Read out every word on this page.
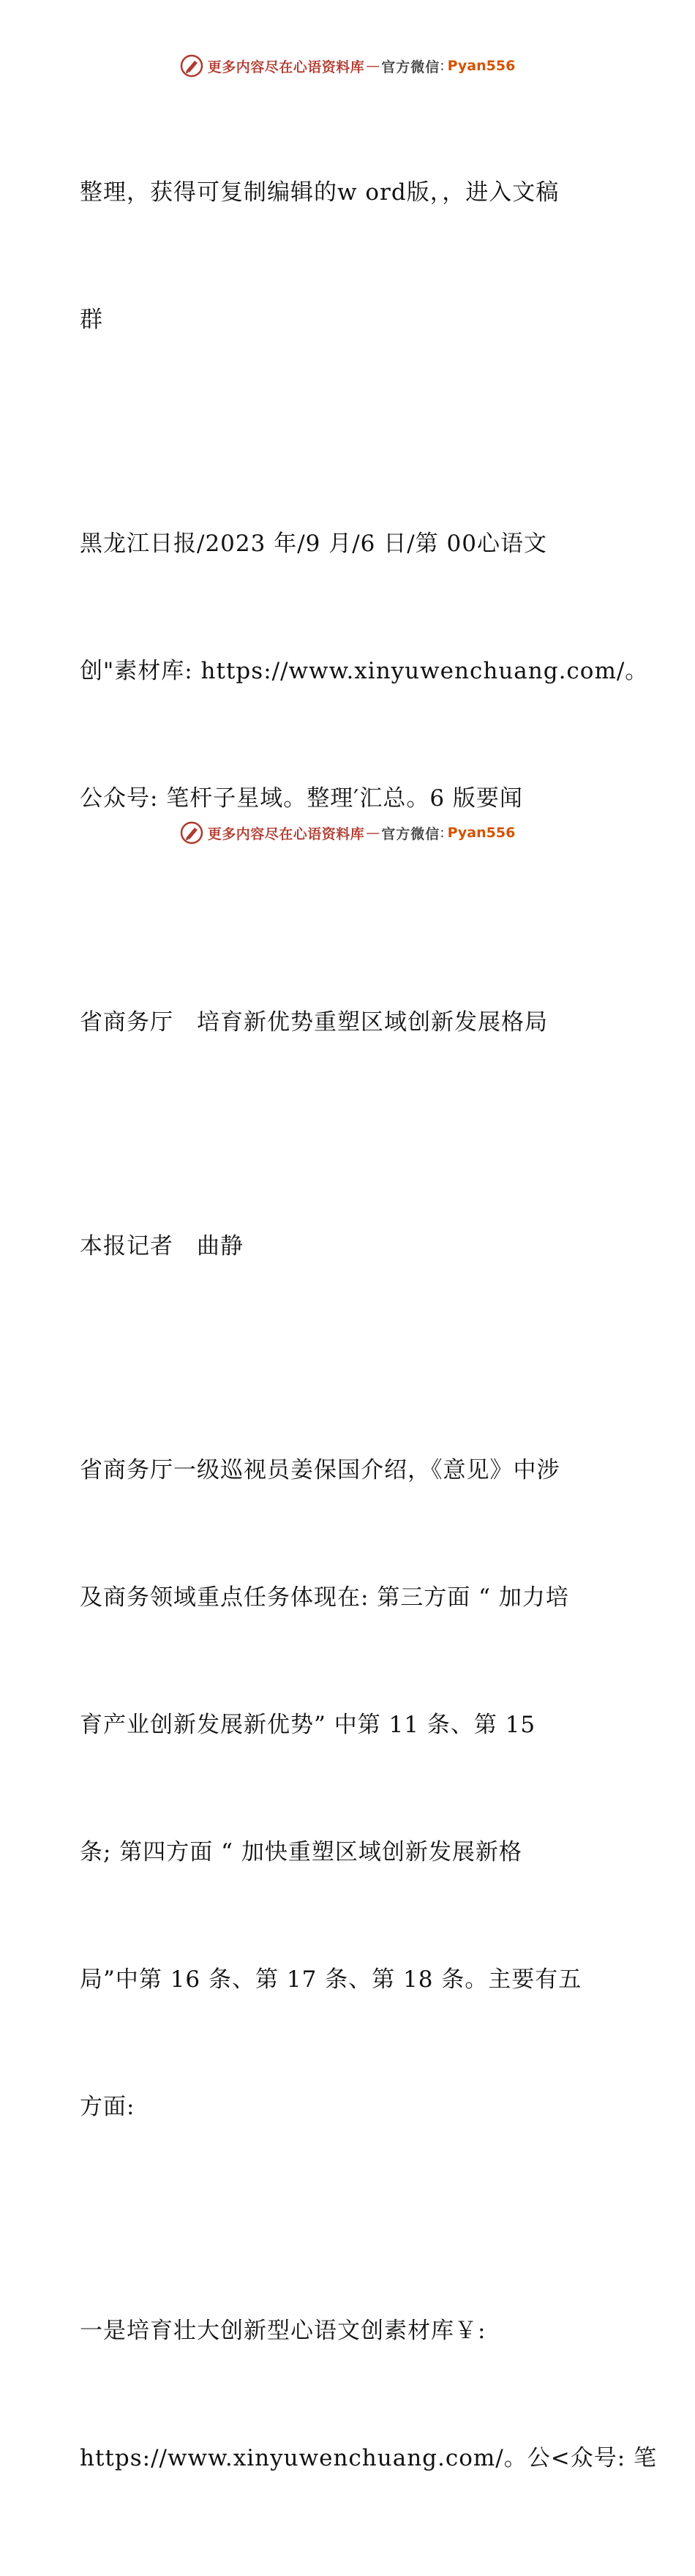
更多内容尽在心语资料库 — 官方微信 : Pyan556

整理，获得可复制编辑的w ord版，，进入文稿

群

黑龙江日报/2023 年/9 月/6 日/第 00心语文

创"素材库: https://www.xinyuwenchuang.com/。

公众号: 笔杆子星域。整理′汇总。6 版要闻

省商务厅　培育新优势重塑区域创新发展格局

本报记者　曲静

省商务厅一级巡视员姜保国介绍，《意见》中涉

及商务领域重点任务体现在: 第三方面 “ 加力培

育产业创新发展新优势” 中第 11 条、第 15

条; 第四方面 “ 加快重塑区域创新发展新格

局”中第 16 条、第 17 条、第 18 条。主要有五

方面:

一是培育壮大创新型心语文创素材库￥:

https://www.xinyuwenchuang.com/。公<众号: 笔

更多内容尽在心语资料库 — 官方微信 : Pyan556
